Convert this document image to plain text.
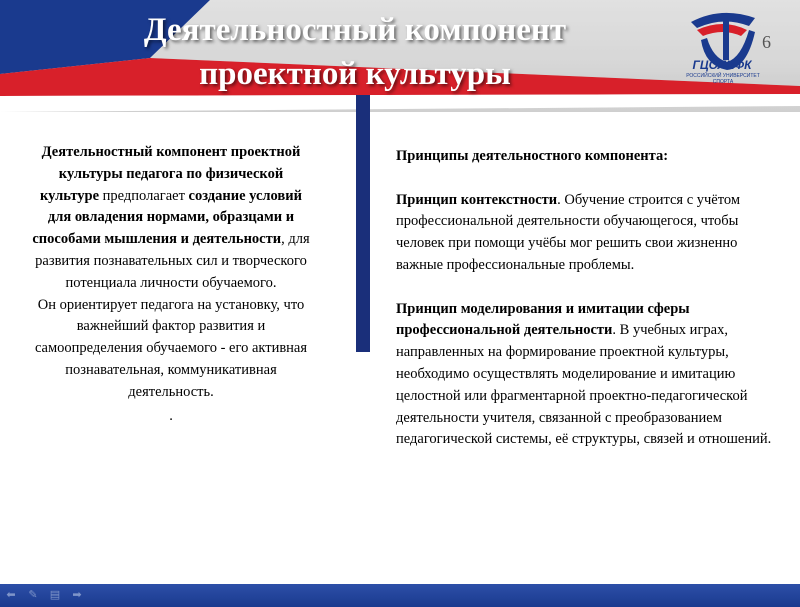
Деятельностный компонент
проектной культуры	ГЦОЛИФК
РОССИЙСКИЙ УНИВЕРСИТЕТ СПОРТА
6
Деятельностный компонент проектной культуры педагога по физической культуре предполагает создание условий для овладения нормами, образцами и способами мышления и деятельности, для развития познавательных сил и творческого потенциала личности обучаемого.
Он ориентирует педагога на установку, что важнейший фактор развития и самоопределения обучаемого - его активная познавательная, коммуникативная деятельность.
.

Принципы деятельностного компонента:

Принцип контекстности. Обучение строится с учётом профессиональной деятельности обучающегося, чтобы человек при помощи учёбы мог решить свои жизненно важные профессиональные проблемы.

Принцип моделирования и имитации сферы профессиональной деятельности. В учебных играх, направленных на формирование проектной культуры, необходимо осуществлять моделирование и имитацию целостной или фрагментарной проектно-педагогической деятельности учителя, связанной с преобразованием педагогической системы, её структуры, связей и отношений.

⬅ ✎ ▤ ➡
